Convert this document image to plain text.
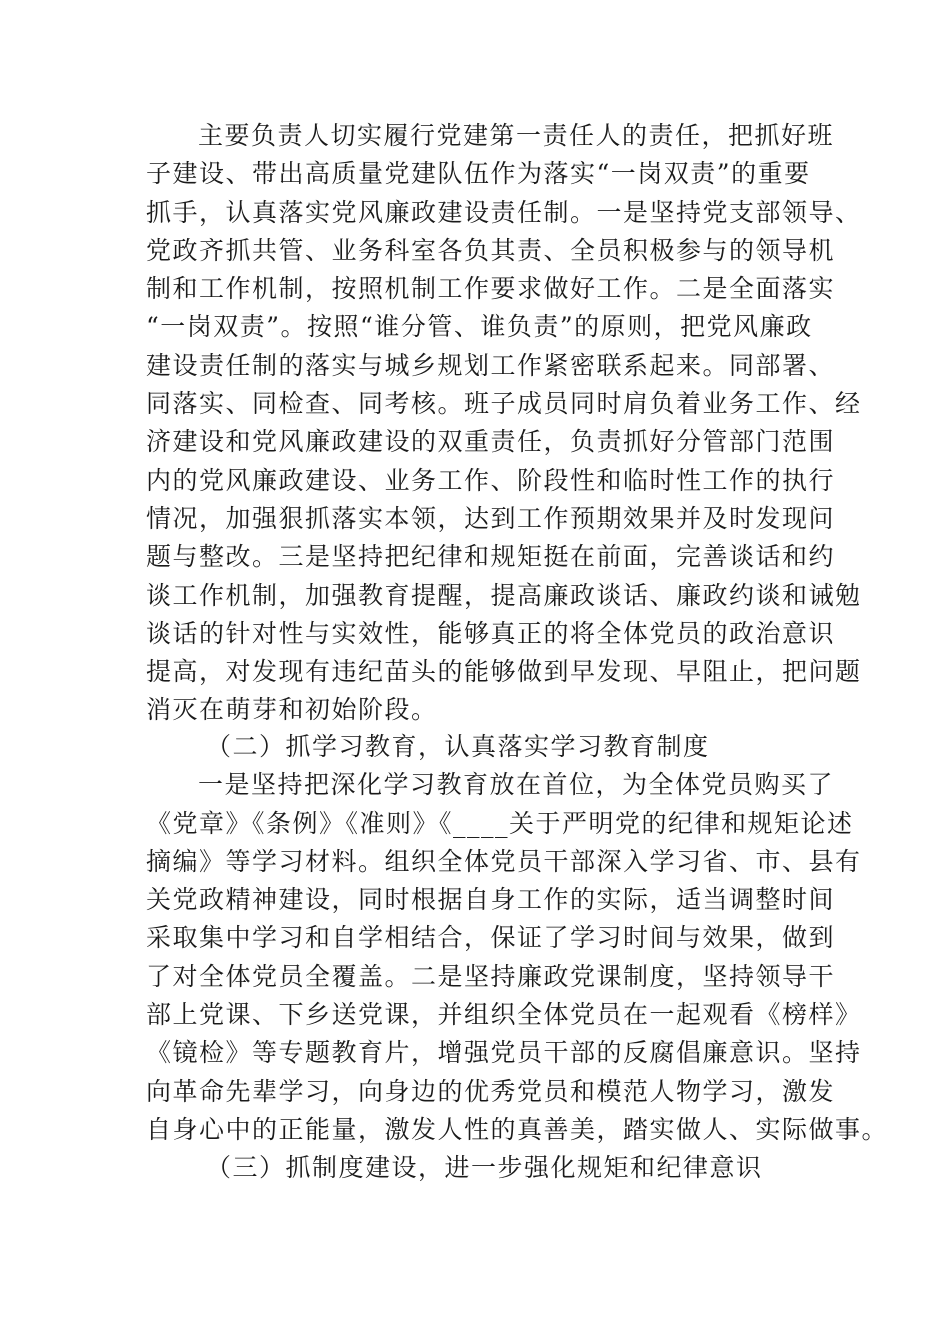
主要负责人切实履行党建第一责任人的责任，把抓好班
子建设、带出高质量党建队伍作为落实“一岗双责”的重要
抓手，认真落实党风廉政建设责任制。一是坚持党支部领导、
党政齐抓共管、业务科室各负其责、全员积极参与的领导机
制和工作机制，按照机制工作要求做好工作。二是全面落实
“一岗双责”。按照“谁分管、谁负责”的原则，把党风廉政
建设责任制的落实与城乡规划工作紧密联系起来。同部署、
同落实、同检查、同考核。班子成员同时肩负着业务工作、经
济建设和党风廉政建设的双重责任，负责抓好分管部门范围
内的党风廉政建设、业务工作、阶段性和临时性工作的执行
情况，加强狠抓落实本领，达到工作预期效果并及时发现问
题与整改。三是坚持把纪律和规矩挺在前面，完善谈话和约
谈工作机制，加强教育提醒，提高廉政谈话、廉政约谈和诫勉
谈话的针对性与实效性，能够真正的将全体党员的政治意识
提高，对发现有违纪苗头的能够做到早发现、早阻止，把问题
消灭在萌芽和初始阶段。
（二）抓学习教育，认真落实学习教育制度
一是坚持把深化学习教育放在首位，为全体党员购买了
《党章》《条例》《准则》《____关于严明党的纪律和规矩论述
摘编》等学习材料。组织全体党员干部深入学习省、市、县有
关党政精神建设，同时根据自身工作的实际，适当调整时间
采取集中学习和自学相结合，保证了学习时间与效果，做到
了对全体党员全覆盖。二是坚持廉政党课制度，坚持领导干
部上党课、下乡送党课，并组织全体党员在一起观看《榜样》
《镜检》等专题教育片，增强党员干部的反腐倡廉意识。坚持
向革命先辈学习，向身边的优秀党员和模范人物学习，激发
自身心中的正能量，激发人性的真善美，踏实做人、实际做事。
（三）抓制度建设，进一步强化规矩和纪律意识
